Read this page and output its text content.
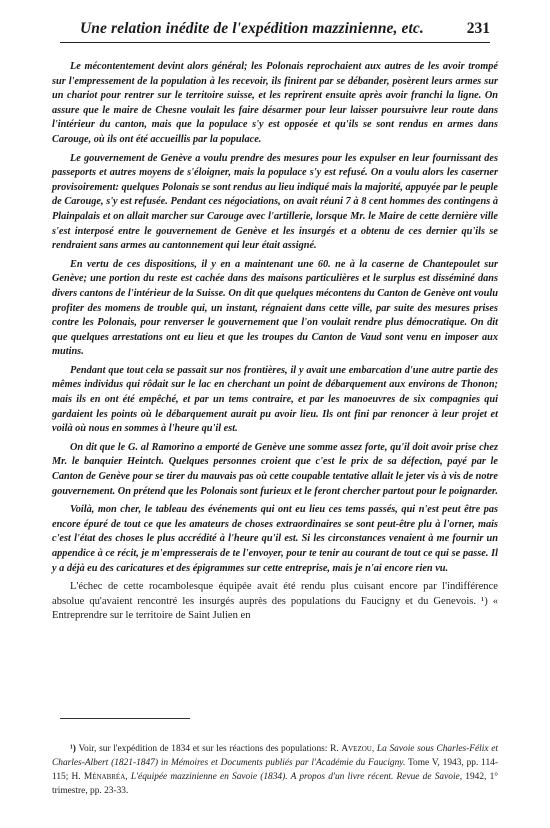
Une relation inédite de l'expédition mazzinienne, etc.	231

Le mécontentement devint alors général; les Polonais reprochaient aux autres de les avoir trompé sur l'empressement de la population à les recevoir, ils finirent par se débander, posèrent leurs armes sur un chariot pour rentrer sur le territoire suisse, et les reprirent ensuite après avoir franchi la ligne. On assure que le maire de Chesne voulait les faire désarmer pour leur laisser poursuivre leur route dans l'intérieur du canton, mais que la populace s'y est opposée et qu'ils se sont rendus en armes dans Carouge, où ils ont été accueillis par la populace.

Le gouvernement de Genève a voulu prendre des mesures pour les expulser en leur fournissant des passeports et autres moyens de s'éloigner, mais la populace s'y est refusé. On a voulu alors les caserner provisoirement: quelques Polonais se sont rendus au lieu indiqué mais la majorité, appuyée par le peuple de Carouge, s'y est refusée. Pendant ces négociations, on avait réuni 7 à 8 cent hommes des contingens à Plainpalais et on allait marcher sur Carouge avec l'artillerie, lorsque Mr. le Maire de cette dernière ville s'est interposé entre le gouvernement de Genève et les insurgés et a obtenu de ces dernier qu'ils se rendraient sans armes au cantonnement qui leur était assigné.

En vertu de ces dispositions, il y en a maintenant une 60. ne à la caserne de Chantepoulet sur Genève; une portion du reste est cachée dans des maisons particulières et le surplus est disséminé dans divers cantons de l'intérieur de la Suisse. On dit que quelques mécontens du Canton de Genève ont voulu profiter des momens de trouble qui, un instant, régnaient dans cette ville, par suite des mesures prises contre les Polonais, pour renverser le gouvernement que l'on voulait rendre plus démocratique. On dit que quelques arrestations ont eu lieu et que les troupes du Canton de Vaud sont venu en imposer aux mutins.

Pendant que tout cela se passait sur nos frontières, il y avait une embarcation d'une autre partie des mêmes individus qui rôdait sur le lac en cherchant un point de débarquement aux environs de Thonon; mais ils en ont été empêché, et par un tems contraire, et par les manoeuvres de six compagnies qui gardaient les points où le débarquement aurait pu avoir lieu. Ils ont fini par renoncer à leur projet et voilà où nous en sommes à l'heure qu'il est.

On dit que le G. al Ramorino a emporté de Genève une somme assez forte, qu'il doit avoir prise chez Mr. le banquier Heintch. Quelques personnes croient que c'est le prix de sa défection, payé par le Canton de Genève pour se tirer du mauvais pas où cette coupable tentative allait le jeter vis à vis de notre gouvernement. On prétend que les Polonais sont furieux et le feront chercher partout pour le poignarder.

Voilà, mon cher, le tableau des événements qui ont eu lieu ces tems passés, qui n'est peut être pas encore épuré de tout ce que les amateurs de choses extraordinaires se sont peut-être plu à l'orner, mais c'est l'état des choses le plus accrédité à l'heure qu'il est. Si les circonstances venaient à me fournir un appendice à ce récit, je m'empresserais de te l'envoyer, pour te tenir au courant de tout ce qui se passe. Il y a déjà eu des caricatures et des épigrammes sur cette entreprise, mais je n'ai encore rien vu.

L'échec de cette rocambolesque équipée avait été rendu plus cuisant encore par l'indifférence absolue qu'avaient rencontré les insurgés auprès des populations du Faucigny et du Genevois. ¹) « Entreprendre sur le territoire de Saint Julien en

¹) Voir, sur l'expédition de 1834 et sur les réactions des populations: R. Avezou, La Savoie sous Charles-Félix et Charles-Albert (1821-1847) in Mémoires et Documents publiés par l'Académie du Faucigny. Tome V, 1943, pp. 114-115; H. Ménabréa, L'équipée mazzinienne en Savoie (1834). A propos d'un livre récent. Revue de Savoie, 1942, 1° trimestre, pp. 23-33.
